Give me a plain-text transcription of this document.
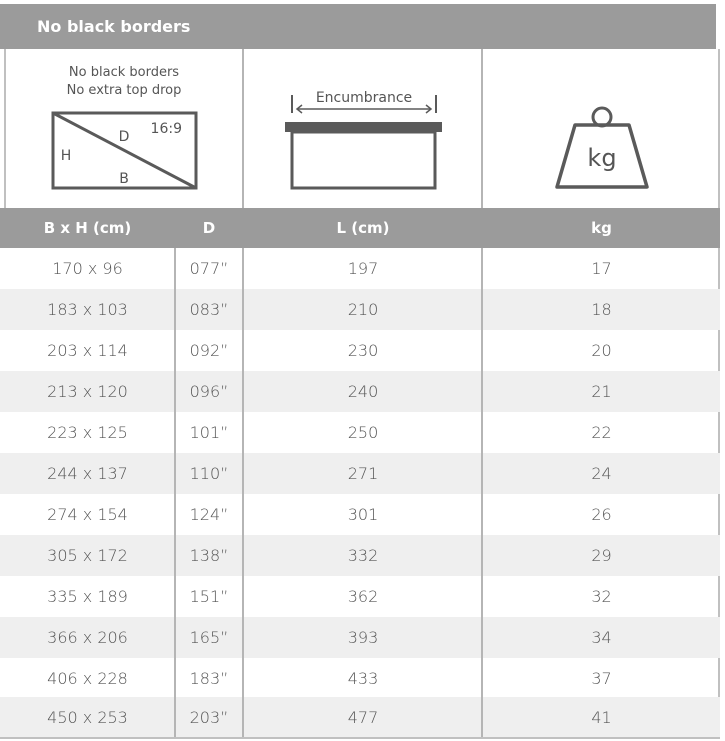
No black borders
No black borders
No extra top drop
16:9
D
H
B
Encumbrance
kg
B x H (cm)	D	L (cm)	kg
170 x 96	077”	197	17
183 x 103	083”	210	18
203 x 114	092”	230	20
213 x 120	096”	240	21
223 x 125	101”	250	22
244 x 137	110”	271	24
274 x 154	124”	301	26
305 x 172	138”	332	29
335 x 189	151”	362	32
366 x 206	165”	393	34
406 x 228	183”	433	37
450 x 253	203”	477	41
